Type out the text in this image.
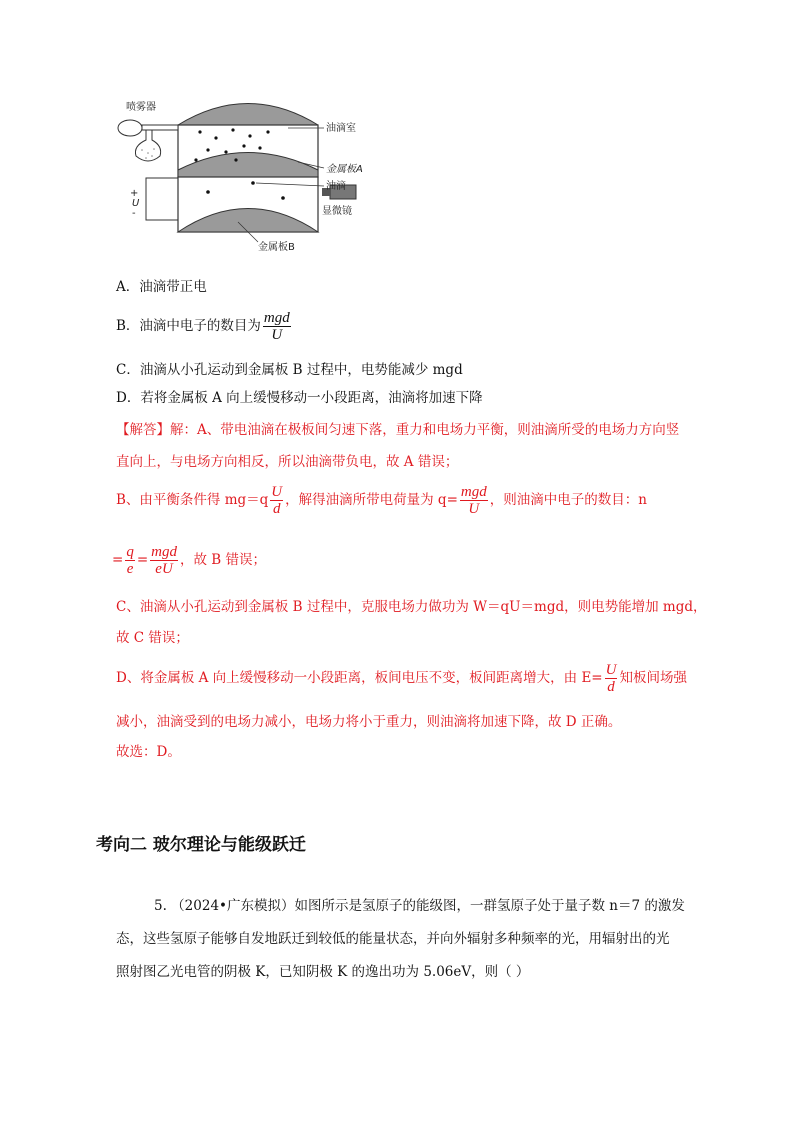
喷雾器
油滴室
金属板A
油滴
显微镜
金属板B
+
U
-
A．油滴带正电
B．油滴中电子的数目为 $\frac{\text{mgd}}{U}$
C．油滴从小孔运动到金属板 B 过程中，电势能减少 mgd
D．若将金属板 A 向上缓慢移动一小段距离，油滴将加速下降
【解答】解：A、带电油滴在极板间匀速下落，重力和电场力平衡，则油滴所受的电场力方向竖
直向上，与电场方向相反，所以油滴带负电，故 A 错误；
B、由平衡条件得 $mg=q \frac{U}{d}$ ，解得油滴所带电荷量为 $q= \frac{\text{mgd}}{U}$ ，则油滴中电子的数目：n
= $\frac{q}{e} = \frac{\text{mgd}}{eU}$ ，故 B 错误；
C、油滴从小孔运动到金属板 B 过程中，克服电场力做功为 W＝qU＝mgd，则电势能增加 mgd，
故 C 错误；
D、将金属板 A 向上缓慢移动一小段距离，板间电压不变，板间距离增大，由 $E= \frac{U}{d}$ 知板间场强
减小，油滴受到的电场力减小，电场力将小于重力，则油滴将加速下降，故 D 正确。
故选：D。
考向二 玻尔理论与能级跃迁
5. （2024•广东模拟）如图所示是氢原子的能级图，一群氢原子处于量子数 n＝7 的激发
态，这些氢原子能够自发地跃迁到较低的能量状态，并向外辐射多种频率的光，用辐射出的光
照射图乙光电管的阴极 K，已知阴极 K 的逸出功为 5.06eV，则（ ）
